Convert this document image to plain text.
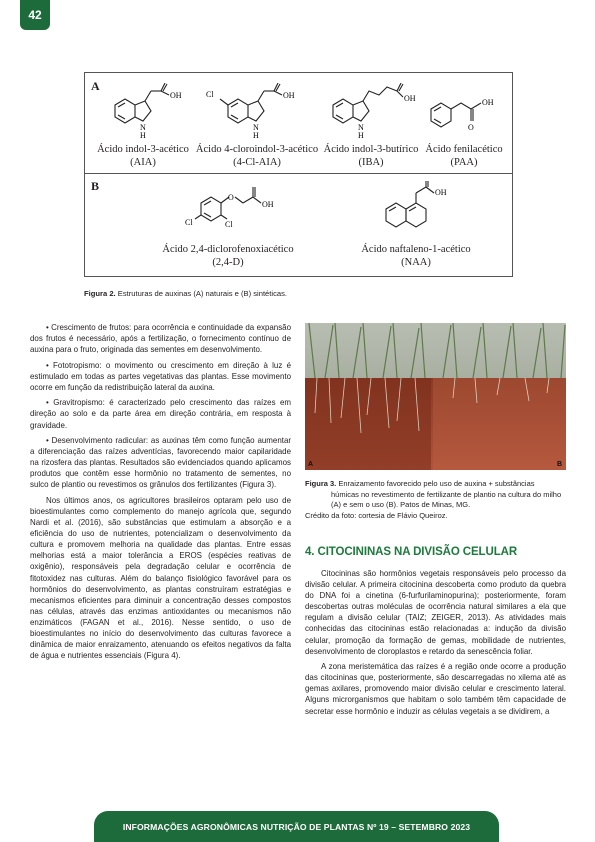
42
A
B
OH
N
H
Ácido indol-3-acético
(AIA)
Cl	OH
N
H
Ácido 4-cloroindol-3-acético
(4-Cl-AIA)
OH
N
H
Ácido indol-3-butírico
(IBA)
OH
O
Ácido fenilacético
(PAA)
O
OH
Cl	Cl
Ácido 2,4-diclorofenoxiacético
(2,4-D)
OH
Ácido naftaleno-1-acético
(NAA)
Figura 2. Estruturas de auxinas (A) naturais e (B) sintéticas.

• Crescimento de frutos: para ocorrência e continuidade da expansão dos frutos é necessário, após a fertilização, o fornecimento contínuo de auxina para o fruto, originada das sementes em desenvolvimento.

• Fototropismo: o movimento ou crescimento em direção à luz é estimulado em todas as partes vegetativas das plantas. Esse movimento ocorre em função da redistribuição lateral da auxina.

• Gravitropismo: é caracterizado pelo crescimento das raízes em direção ao solo e da parte área em direção contrária, em resposta à gravidade.

• Desenvolvimento radicular: as auxinas têm como função aumentar a diferenciação das raízes adventícias, favorecendo maior capilaridade na rizosfera das plantas. Resultados são evidenciados quando aplicamos produtos que contêm esse hormônio no tratamento de sementes, no sulco de plantio ou revestimos os grânulos dos fertilizantes (Figura 3).

Nos últimos anos, os agricultores brasileiros optaram pelo uso de bioestimulantes como complemento do manejo agrícola que, segundo Nardi et al. (2016), são substâncias que estimulam a absorção e a eficiência do uso de nutrientes, potencializam o desenvolvimento da cultura e promovem melhoria na qualidade das plantas. Entre essas melhorias está a maior tolerância a EROS (espécies reativas de oxigênio), responsáveis pela degradação celular e ocorrência de fitotoxidez nas culturas. Além do balanço fisiológico favorável para os hormônios do desenvolvimento, as plantas construíram estratégias e mecanismos eficientes para diminuir a concentração desses compostos nas células, através das enzimas antioxidantes ou mecanismos não enzimáticos (FAGAN et al., 2016). Nesse sentido, o uso de bioestimulantes no início do desenvolvimento das culturas favorece a dinâmica de maior enraizamento, atenuando os efeitos negativos da falta de água e nutrientes essenciais (Figura 4).

A	B
Figura 3. Enraizamento favorecido pelo uso de auxina + substâncias
húmicas no revestimento de fertilizante de plantio na cultura do milho (A) e sem o uso (B). Patos de Minas, MG.
Crédito da foto: cortesia de Flávio Queiroz.
4. CITOCININAS NA DIVISÃO CELULAR

Citocininas são hormônios vegetais responsáveis pelo processo da divisão celular. A primeira citocinina descoberta como produto da quebra do DNA foi a cinetina (6-furfurilaminopurina); posteriormente, foram descobertas outras moléculas de ocorrência natural similares a ela que regulam a divisão celular (TAIZ; ZEIGER, 2013). As atividades mais conhecidas das citocininas estão relacionadas a: indução da divisão celular, promoção da formação de gemas, mobilidade de nutrientes, desenvolvimento de cloroplastos e retardo da senescência foliar.

A zona meristemática das raízes é a região onde ocorre a produção das citocininas que, posteriormente, são descarregadas no xilema até as gemas axilares, promovendo maior divisão celular e crescimento lateral. Alguns microrganismos que habitam o solo também têm capacidade de secretar esse hormônio e induzir as células vegetais a se dividirem, a

INFORMAÇÕES AGRONÔMICAS NUTRIÇÃO DE PLANTAS Nº 19 – SETEMBRO 2023
